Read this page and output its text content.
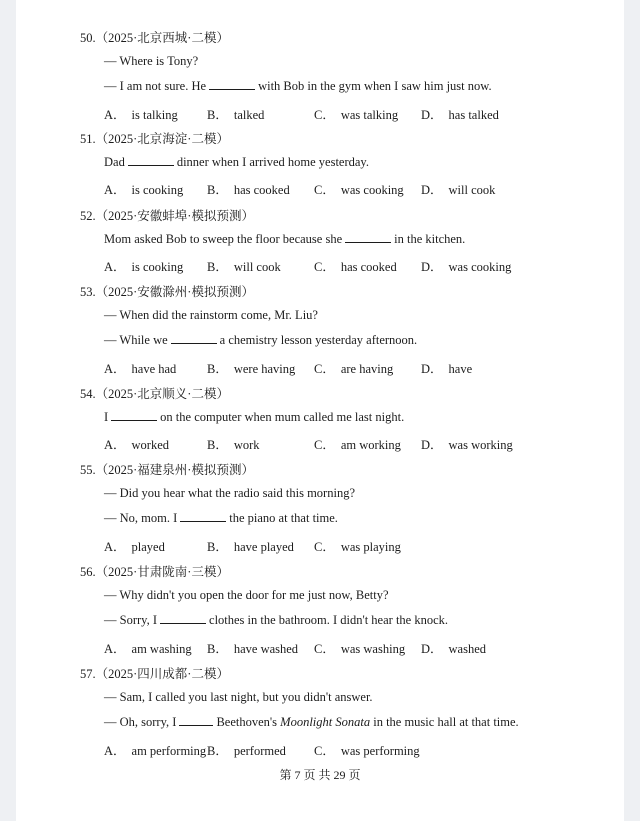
50.（2025·北京西城·二模）
— Where is Tony?
— I am not sure. He	with Bob in the gym when I saw him just now.
A． is talking B． talked	C． was talking D． has talked
51.（2025·北京海淀·二模）
Dad	dinner when I arrived home yesterday.
A． is cooking B． has cooked C． was cooking D． will cook
52.（2025·安徽蚌埠·模拟预测）
Mom asked Bob to sweep the floor because she	in the kitchen.
A． is cooking B． will cook	C． has cooked D． was cooking
53.（2025·安徽滁州·模拟预测）
— When did the rainstorm come, Mr. Liu?
— While we	a chemistry lesson yesterday afternoon.
A． have had B． were having C． are having D． have
54.（2025·北京顺义·二模）
I	on the computer when mum called me last night.
A． worked	B． work	C． am working D． was working
55.（2025·福建泉州·模拟预测）
— Did you hear what the radio said this morning?
— No, mom. I	the piano at that time.
A． played	B． have played C． was playing
56.（2025·甘肃陇南·三模）
— Why didn't you open the door for me just now, Betty?
— Sorry, I	clothes in the bathroom. I didn't hear the knock.
A． am washing B． have washed C． was washing D． washed
57.（2025·四川成都·二模）
— Sam, I called you last night, but you didn't answer.
— Oh, sorry, I	Beethoven's Moonlight Sonata in the music hall at that time.
A． am performing B． performed C． was performing
第 7 页 共 29 页
